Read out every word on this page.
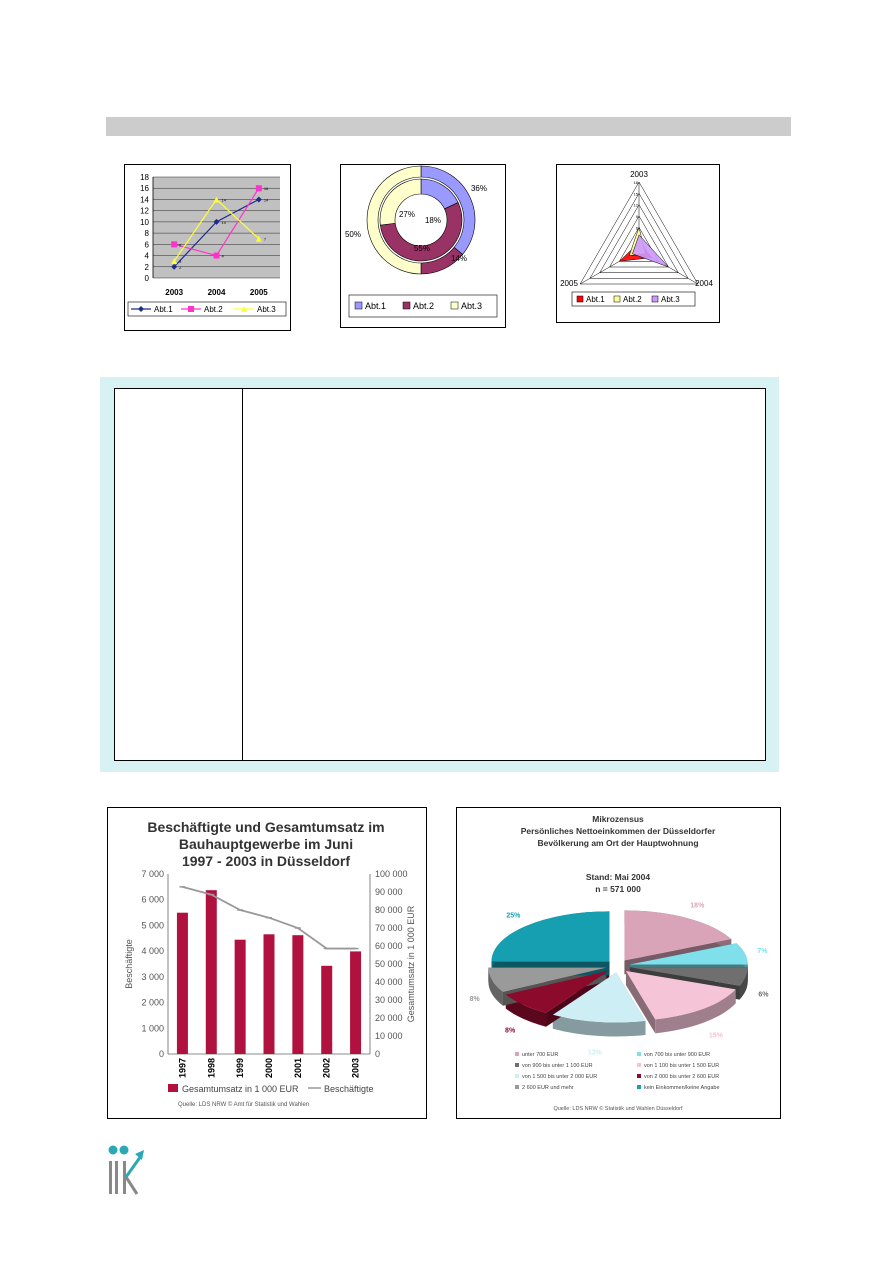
0
2
4
6
8
10
12
14
16
18
2003	2004	2005
2
10
14
6
4
16
3
14
7
Abt.1	Abt.2	Abt.3
36%
14%
50%
18%
55%
27%
Abt.1	Abt.2	Abt.3
18
15
12
9
6
2003
2004
2005
Abt.1 Abt.2 Abt.3
Beschäftigte und Gesamtumsatz im
Bauhauptgewerbe im Juni
1997 - 2003 in Düsseldorf
0
1 000
2 000
3 000
4 000
5 000
6 000
7 000
0
10 000
20 000
30 000
40 000
50 000
60 000
70 000
80 000
90 000
100 000
Beschäftigte	Gesamtumsatz in 1 000 EUR
1997 1998 1999 2000 2001 2002 2003
Gesamtumsatz in 1 000 EUR	Beschäftigte
Quelle: LDS NRW © Amt für Statistik und Wahlen
Mikrozensus
Persönliches Nettoeinkommen der Düsseldorfer
Bevölkerung am Ort der Hauptwohnung
Stand: Mai 2004
n = 571 000
18%
7%
6%
15%
13%
8%
8%
25%
unter 700 EUR	von 700 bis unter 900 EUR
von 900 bis unter 1 100 EUR	von 1 100 bis unter 1 500 EUR
von 1 500 bis unter 2 000 EUR	von 2 000 bis unter 2 600 EUR
2 600 EUR und mehr	kein Einkommen/keine Angabe
Quelle: LDS NRW © Statistik und Wahlen Düsseldorf
